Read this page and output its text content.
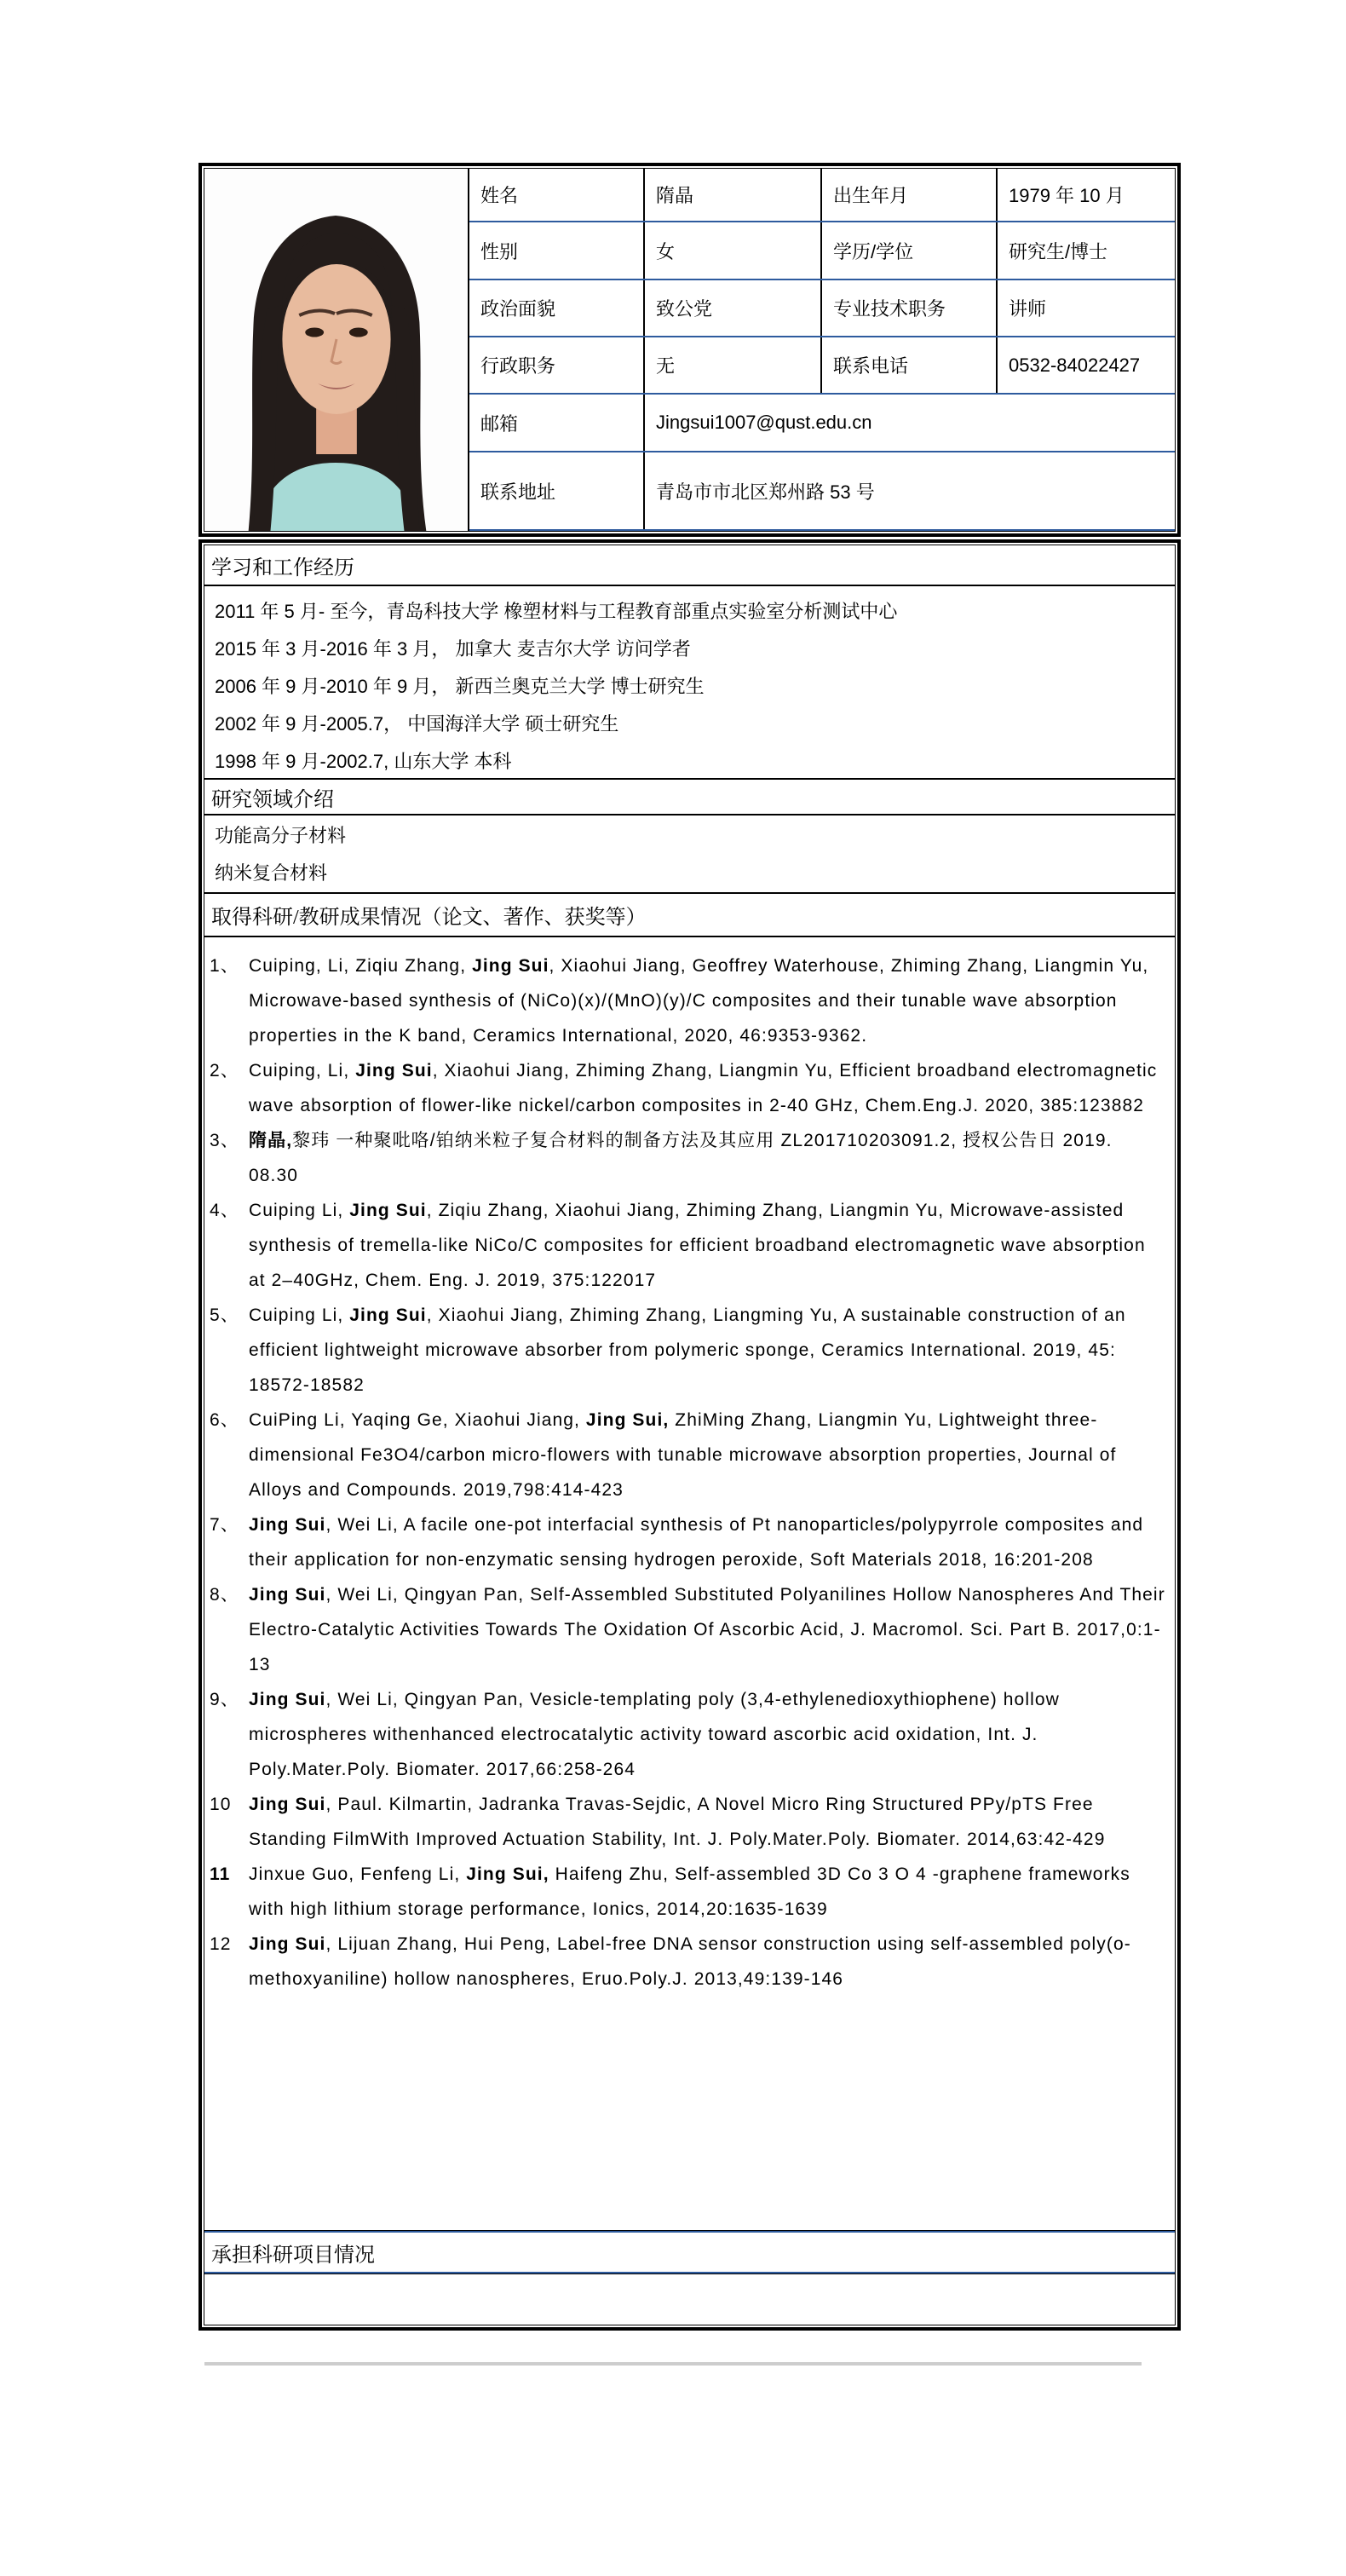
姓名	隋晶	出生年月	1979 年 10 月
性别	女	学历/学位	研究生/博士
政治面貌	致公党	专业技术职务	讲师
行政职务	无	联系电话	0532-84022427
邮箱	Jingsui1007@qust.edu.cn
联系地址	青岛市市北区郑州路 53 号
学习和工作经历
2011 年 5 月- 至今，青岛科技大学 橡塑材料与工程教育部重点实验室分析测试中心
2015 年 3 月-2016 年 3 月， 加拿大 麦吉尔大学 访问学者
2006 年 9 月-2010 年 9 月， 新西兰奥克兰大学 博士研究生
2002 年 9 月-2005.7， 中国海洋大学 硕士研究生
1998 年 9 月-2002.7, 山东大学 本科
研究领域介绍
功能高分子材料
纳米复合材料
取得科研/教研成果情况（论文、著作、获奖等）
1、 Cuiping, Li, Ziqiu Zhang, Jing Sui, Xiaohui Jiang, Geoffrey Waterhouse, Zhiming Zhang, Liangmin Yu, Microwave-based synthesis of (NiCo)(x)/(MnO)(y)/C composites and their tunable wave absorption properties in the K band, Ceramics International, 2020, 46:9353-9362.
2、 Cuiping, Li, Jing Sui, Xiaohui Jiang, Zhiming Zhang, Liangmin Yu, Efficient broadband electromagnetic wave absorption of flower-like nickel/carbon composites in 2-40 GHz, Chem.Eng.J. 2020, 385:123882
3、 隋晶,黎玮 一种聚吡咯/铂纳米粒子复合材料的制备方法及其应用 ZL201710203091.2, 授权公告日 2019. 08.30
4、 Cuiping Li, Jing Sui, Ziqiu Zhang, Xiaohui Jiang, Zhiming Zhang, Liangmin Yu, Microwave-assisted synthesis of tremella-like NiCo/C composites for efficient broadband electromagnetic wave absorption at 2–40GHz, Chem. Eng. J. 2019, 375:122017
5、 Cuiping Li, Jing Sui, Xiaohui Jiang, Zhiming Zhang, Liangming Yu, A sustainable construction of an efficient lightweight microwave absorber from polymeric sponge, Ceramics International. 2019, 45: 18572-18582
6、 CuiPing Li, Yaqing Ge, Xiaohui Jiang, Jing Sui, ZhiMing Zhang, Liangmin Yu, Lightweight three-dimensional Fe3O4/carbon micro-flowers with tunable microwave absorption properties, Journal of Alloys and Compounds. 2019,798:414-423
7、 Jing Sui, Wei Li, A facile one-pot interfacial synthesis of Pt nanoparticles/polypyrrole composites and their application for non-enzymatic sensing hydrogen peroxide, Soft Materials 2018, 16:201-208
8、 Jing Sui, Wei Li, Qingyan Pan, Self-Assembled Substituted Polyanilines Hollow Nanospheres And Their Electro-Catalytic Activities Towards The Oxidation Of Ascorbic Acid, J. Macromol. Sci. Part B. 2017,0:1-13
9、 Jing Sui, Wei Li, Qingyan Pan, Vesicle-templating poly (3,4-ethylenedioxythiophene) hollow microspheres withenhanced electrocatalytic activity toward ascorbic acid oxidation, Int. J. Poly.Mater.Poly. Biomater. 2017,66:258-264
10 Jing Sui, Paul. Kilmartin, Jadranka Travas-Sejdic, A Novel Micro Ring Structured PPy/pTS Free Standing FilmWith Improved Actuation Stability, Int. J. Poly.Mater.Poly. Biomater. 2014,63:42-429
11	Jinxue Guo, Fenfeng Li, Jing Sui, Haifeng Zhu, Self-assembled 3D Co 3 O 4 -graphene frameworks with high lithium storage performance, Ionics, 2014,20:1635-1639
12 Jing Sui, Lijuan Zhang, Hui Peng, Label-free DNA sensor construction using self-assembled poly(o-methoxyaniline) hollow nanospheres, Eruo.Poly.J. 2013,49:139-146
承担科研项目情况
